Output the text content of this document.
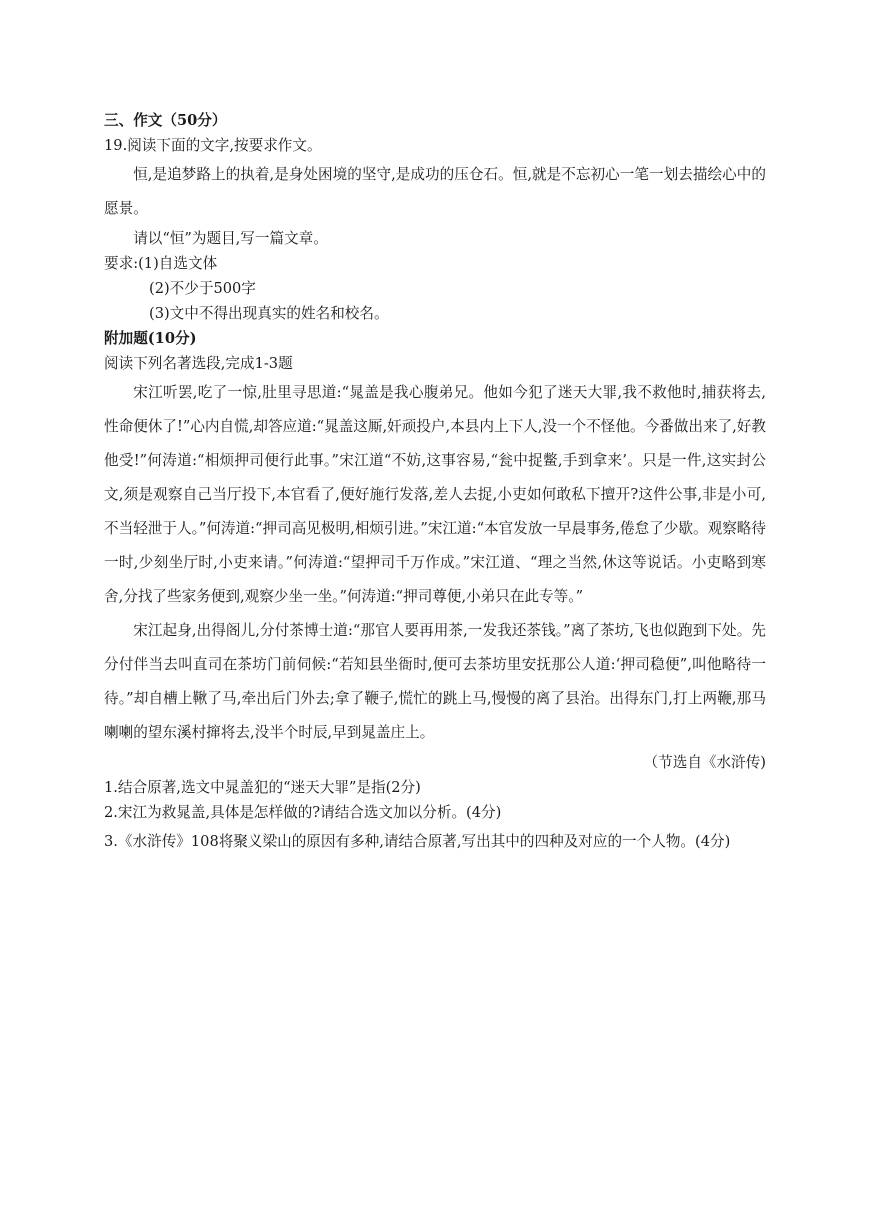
三、作文（50分）

19.阅读下面的文字,按要求作文。

恒,是追梦路上的执着,是身处困境的坚守,是成功的压仓石。恒,就是不忘初心一笔一划去描绘心中的愿景。

请以“恒”为题目,写一篇文章。

要求:(1)自选文体

(2)不少于500字

(3)文中不得出现真实的姓名和校名。

附加题(10分)

阅读下列名著选段,完成1-3题

宋江听罢,吃了一惊,肚里寻思道:“晁盖是我心腹弟兄。他如今犯了迷天大罪,我不救他时,捕获将去,性命便休了!”心内自慌,却答应道:“晁盖这厮,奸顽投户,本县内上下人,没一个不怪他。今番做出来了,好教他受!”何涛道:“相烦押司便行此事。”宋江道“不妨,这事容易,“瓮中捉鳖,手到拿来’。只是一件,这实封公文,须是观察自己当厅投下,本官看了,便好施行发落,差人去捉,小吏如何敢私下擅开?这件公事,非是小可,不当轻泄于人。”何涛道:“押司高见极明,相烦引进。”宋江道:“本官发放一早晨事务,倦怠了少歇。观察略待一时,少刻坐厅时,小吏来请。”何涛道:“望押司千万作成。”宋江道、“理之当然,休这等说话。小吏略到寒舍,分找了些家务便到,观察少坐一坐。”何涛道:“押司尊便,小弟只在此专等。”

宋江起身,出得阁儿,分付茶博士道:“那官人要再用茶,一发我还茶钱。”离了茶坊,飞也似跑到下处。先分付伴当去叫直司在茶坊门前伺候:“若知县坐衙时,便可去茶坊里安抚那公人道:‘押司稳便”,叫他略待一待。”却自槽上鞦了马,牵出后门外去;拿了鞭子,慌忙的跳上马,慢慢的离了县治。出得东门,打上两鞭,那马喇喇的望东溪村撺将去,没半个时辰,早到晁盖庄上。

（节选自《水浒传)

1.结合原著,选文中晁盖犯的“迷天大罪”是指(2分)

2.宋江为救晁盖,具体是怎样做的?请结合选文加以分析。(4分)

3.《水浒传》108将聚义梁山的原因有多种,请结合原著,写出其中的四种及对应的一个人物。(4分)
